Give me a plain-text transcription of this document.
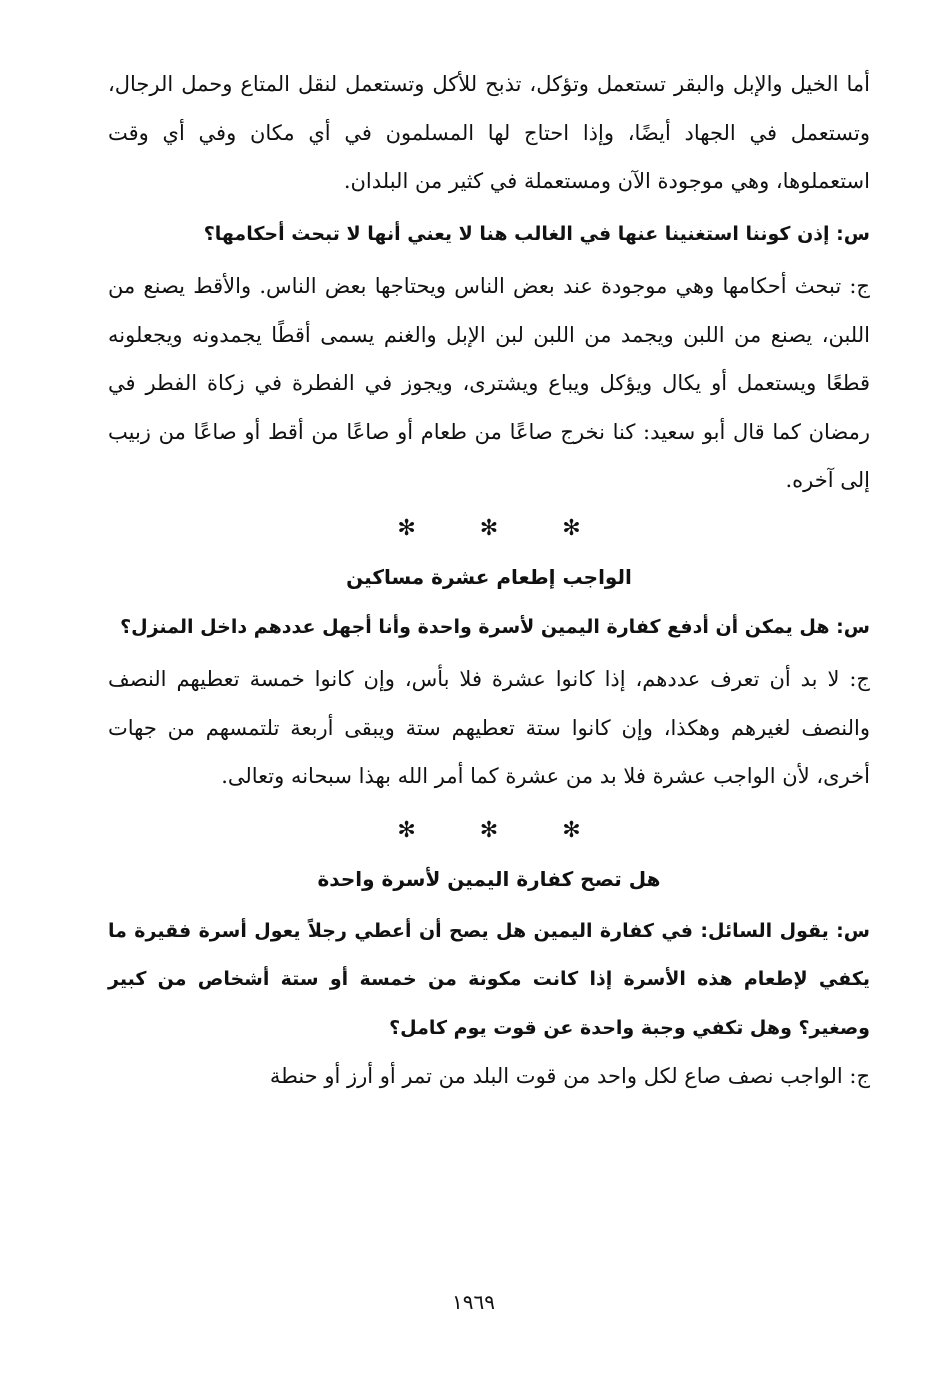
أما الخيل والإبل والبقر تستعمل وتؤكل، تذبح للأكل وتستعمل لنقل المتاع وحمل الرجال، وتستعمل في الجهاد أيضًا، وإذا احتاج لها المسلمون في أي مكان وفي أي وقت استعملوها، وهي موجودة الآن ومستعملة في كثير من البلدان.

س: إذن كوننا استغنينا عنها في الغالب هنا لا يعني أنها لا تبحث أحكامها؟

ج: تبحث أحكامها وهي موجودة عند بعض الناس ويحتاجها بعض الناس. والأقط يصنع من اللبن، يصنع من اللبن ويجمد من اللبن لبن الإبل والغنم يسمى أقطًا يجمدونه ويجعلونه قطعًا ويستعمل أو يكال ويؤكل ويباع ويشترى، ويجوز في الفطرة في زكاة الفطر في رمضان كما قال أبو سعيد: كنا نخرج صاعًا من طعام أو صاعًا من أقط أو صاعًا من زبيب إلى آخره.

✻	✻	✻
الواجب إطعام عشرة مساكين

س: هل يمكن أن أدفع كفارة اليمين لأسرة واحدة وأنا أجهل عددهم داخل المنزل؟

ج: لا بد أن تعرف عددهم، إذا كانوا عشرة فلا بأس، وإن كانوا خمسة تعطيهم النصف والنصف لغيرهم وهكذا، وإن كانوا ستة تعطيهم ستة ويبقى أربعة تلتمسهم من جهات أخرى، لأن الواجب عشرة فلا بد من عشرة كما أمر الله بهذا سبحانه وتعالى.

✻	✻	✻
هل تصح كفارة اليمين لأسرة واحدة

س: يقول السائل: في كفارة اليمين هل يصح أن أعطي رجلاً يعول أسرة فقيرة ما يكفي لإطعام هذه الأسرة إذا كانت مكونة من خمسة أو ستة أشخاص من كبير وصغير؟ وهل تكفي وجبة واحدة عن قوت يوم كامل؟

ج: الواجب نصف صاع لكل واحد من قوت البلد من تمر أو أرز أو حنطة

١٩٦٩
